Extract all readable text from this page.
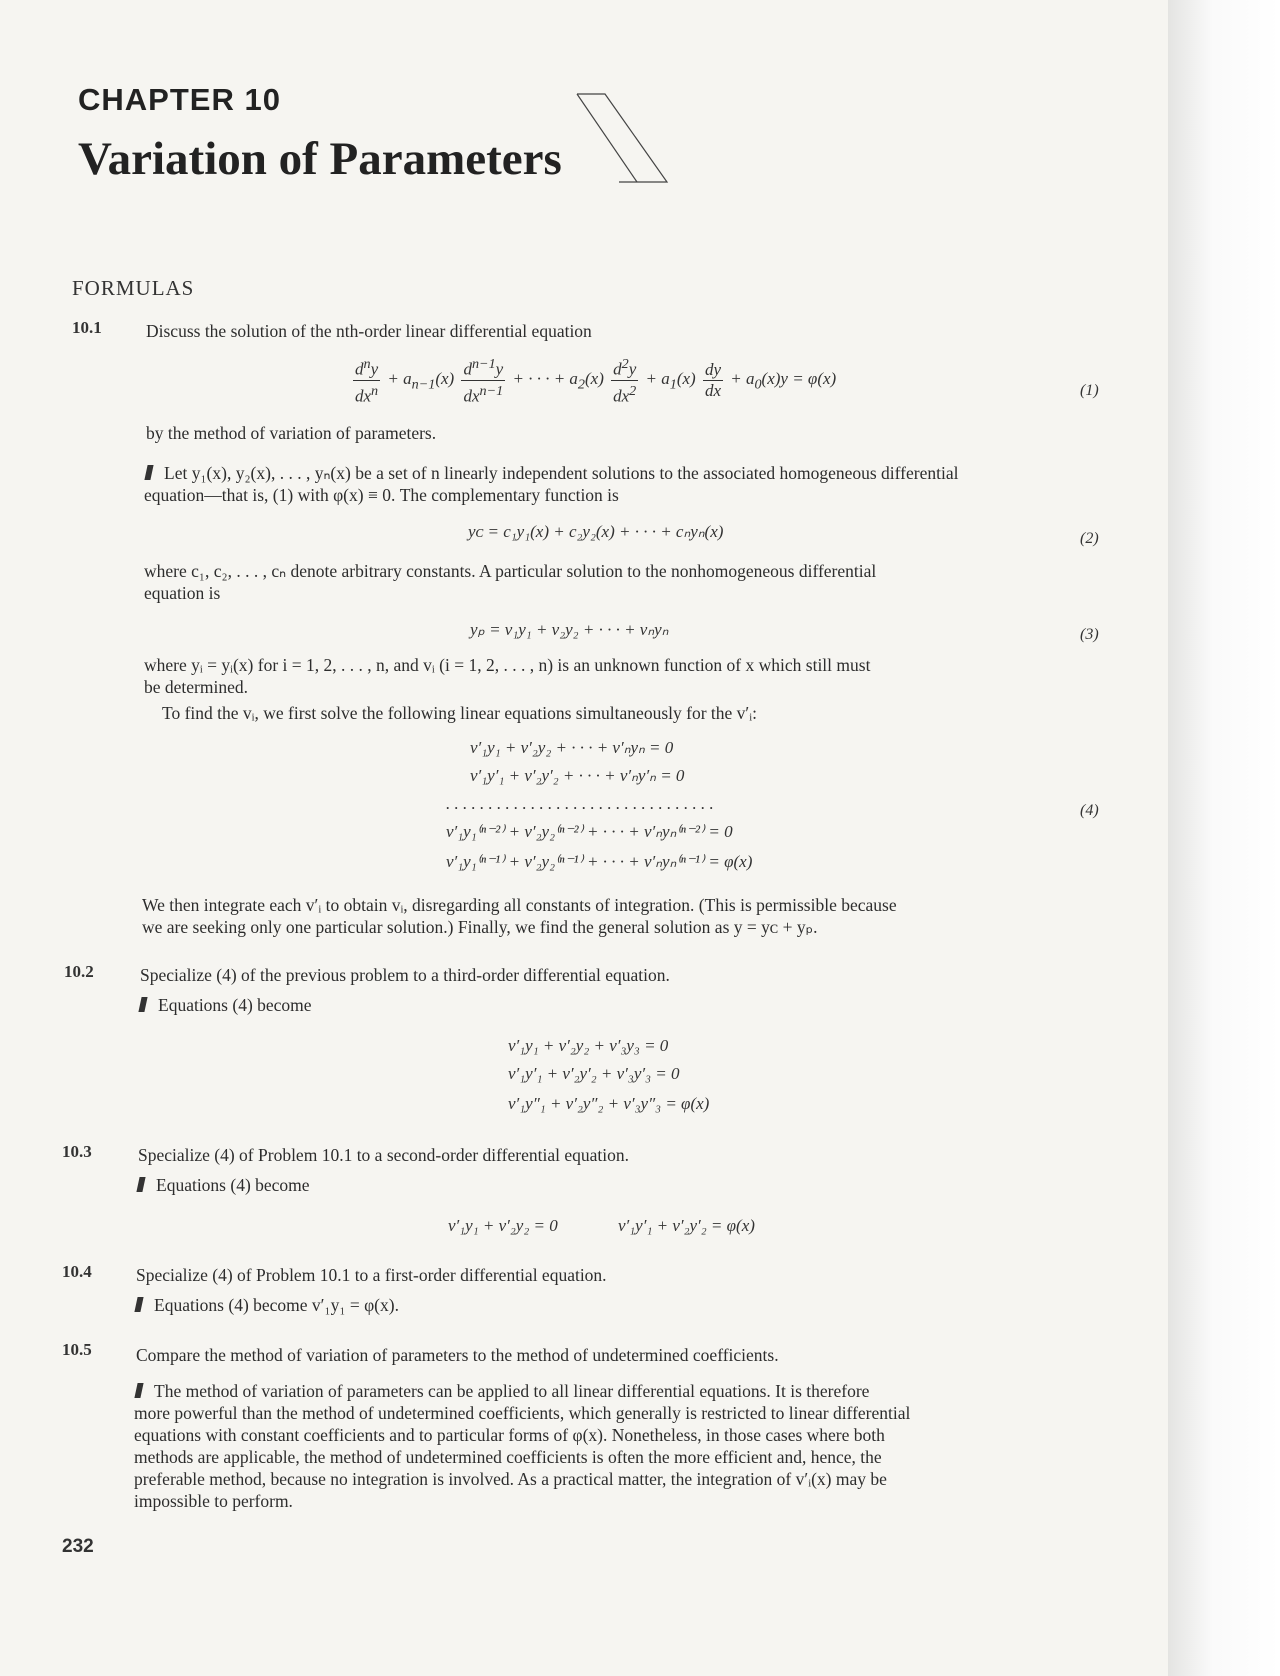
CHAPTER 10
Variation of Parameters
FORMULAS
10.1	Discuss the solution of the nth-order linear differential equation
$\frac{d^ny}{dx^n} + a_{n-1}(x) \frac{d^{n-1}y}{dx^{n-1}}$ + · · · + $a_2(x) \frac{d^2y}{dx^2} + a_1(x) \frac{dy}{dx} + a_0(x)y = \varphi(x)$
(1)
by the method of variation of parameters.
Let y₁(x), y₂(x), . . . , yₙ(x) be a set of n linearly independent solutions to the associated homogeneous differential
equation—that is, (1) with φ(x) ≡ 0. The complementary function is
yᴄ = c₁y₁(x) + c₂y₂(x) + · · · + cₙyₙ(x)	(2)
where c₁, c₂, . . . , cₙ denote arbitrary constants. A particular solution to the nonhomogeneous differential
equation is
yₚ = v₁y₁ + v₂y₂ + · · · + vₙyₙ	(3)
where yᵢ = yᵢ(x) for i = 1, 2, . . . , n, and vᵢ (i = 1, 2, . . . , n) is an unknown function of x which still must
be determined.
To find the vᵢ, we first solve the following linear equations simultaneously for the v′ᵢ:
v′₁y₁ + v′₂y₂ + · · · + v′ₙyₙ = 0
v′₁y′₁ + v′₂y′₂ + · · · + v′ₙy′ₙ = 0
. . . . . . . . . . . . . . . . . . . . . . . . . . . . . . . .
v′₁y₁⁽ⁿ⁻²⁾ + v′₂y₂⁽ⁿ⁻²⁾ + · · · + v′ₙyₙ⁽ⁿ⁻²⁾ = 0
v′₁y₁⁽ⁿ⁻¹⁾ + v′₂y₂⁽ⁿ⁻¹⁾ + · · · + v′ₙyₙ⁽ⁿ⁻¹⁾ = φ(x)
(4)
We then integrate each v′ᵢ to obtain vᵢ, disregarding all constants of integration. (This is permissible because
we are seeking only one particular solution.) Finally, we find the general solution as y = yᴄ + yₚ.
10.2	Specialize (4) of the previous problem to a third-order differential equation.
Equations (4) become
v′₁y₁ + v′₂y₂ + v′₃y₃ = 0
v′₁y′₁ + v′₂y′₂ + v′₃y′₃ = 0
v′₁y″₁ + v′₂y″₂ + v′₃y″₃ = φ(x)
10.3	Specialize (4) of Problem 10.1 to a second-order differential equation.
Equations (4) become
v′₁y₁ + v′₂y₂ = 0	v′₁y′₁ + v′₂y′₂ = φ(x)
10.4	Specialize (4) of Problem 10.1 to a first-order differential equation.
Equations (4) become v′₁y₁ = φ(x).
10.5	Compare the method of variation of parameters to the method of undetermined coefficients.
The method of variation of parameters can be applied to all linear differential equations. It is therefore
more powerful than the method of undetermined coefficients, which generally is restricted to linear differential
equations with constant coefficients and to particular forms of φ(x). Nonetheless, in those cases where both
methods are applicable, the method of undetermined coefficients is often the more efficient and, hence, the
preferable method, because no integration is involved. As a practical matter, the integration of v′ᵢ(x) may be
impossible to perform.
232
